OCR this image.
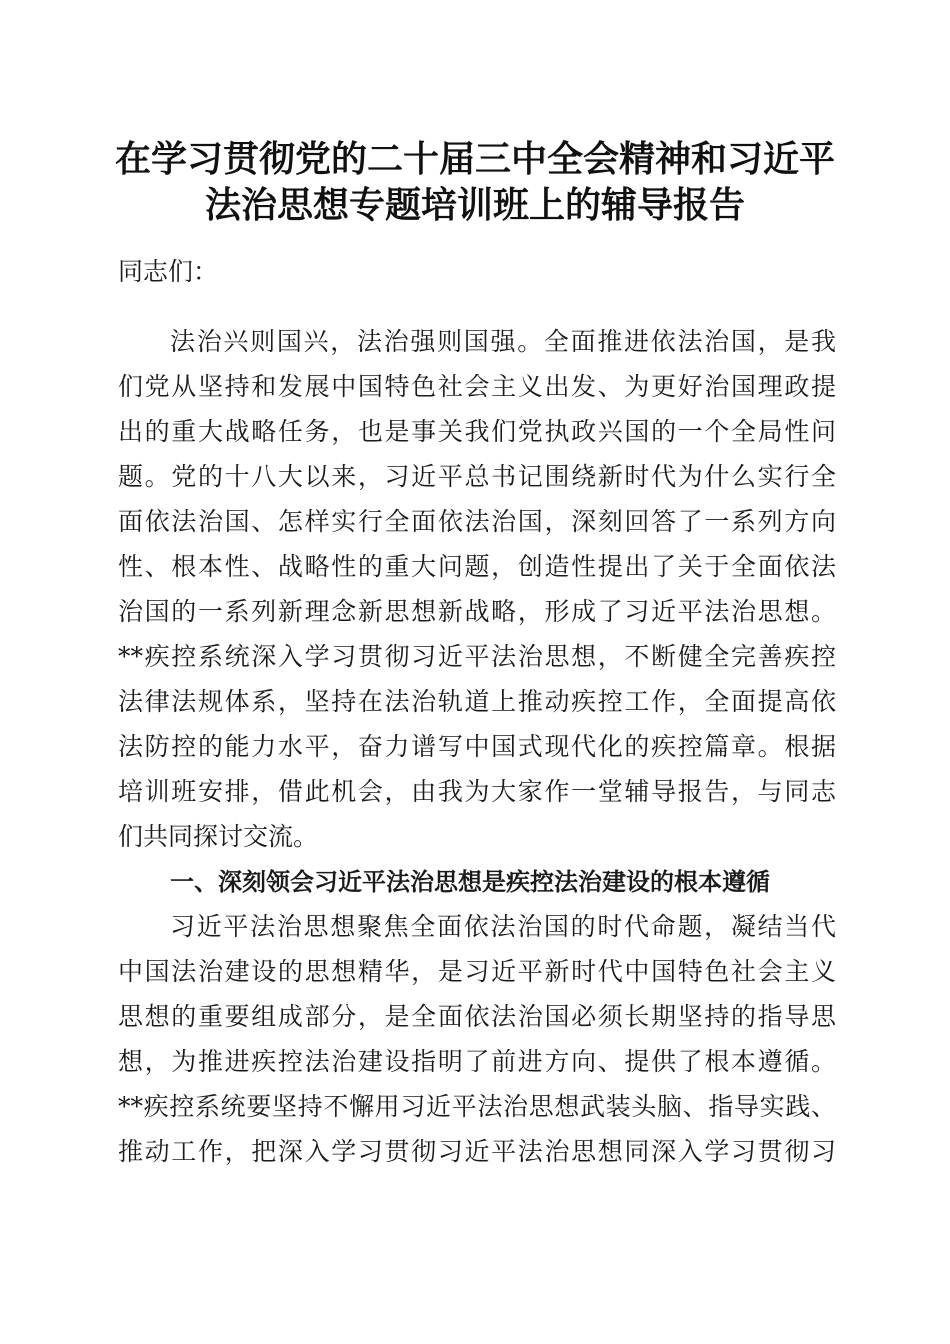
在学习贯彻党的二十届三中全会精神和习近平
法治思想专题培训班上的辅导报告
同志们：
法治兴则国兴，法治强则国强。全面推进依法治国，是我
们党从坚持和发展中国特色社会主义出发、为更好治国理政提
出的重大战略任务，也是事关我们党执政兴国的一个全局性问
题。党的十八大以来，习近平总书记围绕新时代为什么实行全
面依法治国、怎样实行全面依法治国，深刻回答了一系列方向
性、根本性、战略性的重大问题，创造性提出了关于全面依法
治国的一系列新理念新思想新战略，形成了习近平法治思想。
**疾控系统深入学习贯彻习近平法治思想，不断健全完善疾控
法律法规体系，坚持在法治轨道上推动疾控工作，全面提高依
法防控的能力水平，奋力谱写中国式现代化的疾控篇章。根据
培训班安排，借此机会，由我为大家作一堂辅导报告，与同志
们共同探讨交流。
一、深刻领会习近平法治思想是疾控法治建设的根本遵循
习近平法治思想聚焦全面依法治国的时代命题，凝结当代
中国法治建设的思想精华，是习近平新时代中国特色社会主义
思想的重要组成部分，是全面依法治国必须长期坚持的指导思
想，为推进疾控法治建设指明了前进方向、提供了根本遵循。
**疾控系统要坚持不懈用习近平法治思想武装头脑、指导实践、
推动工作，把深入学习贯彻习近平法治思想同深入学习贯彻习
